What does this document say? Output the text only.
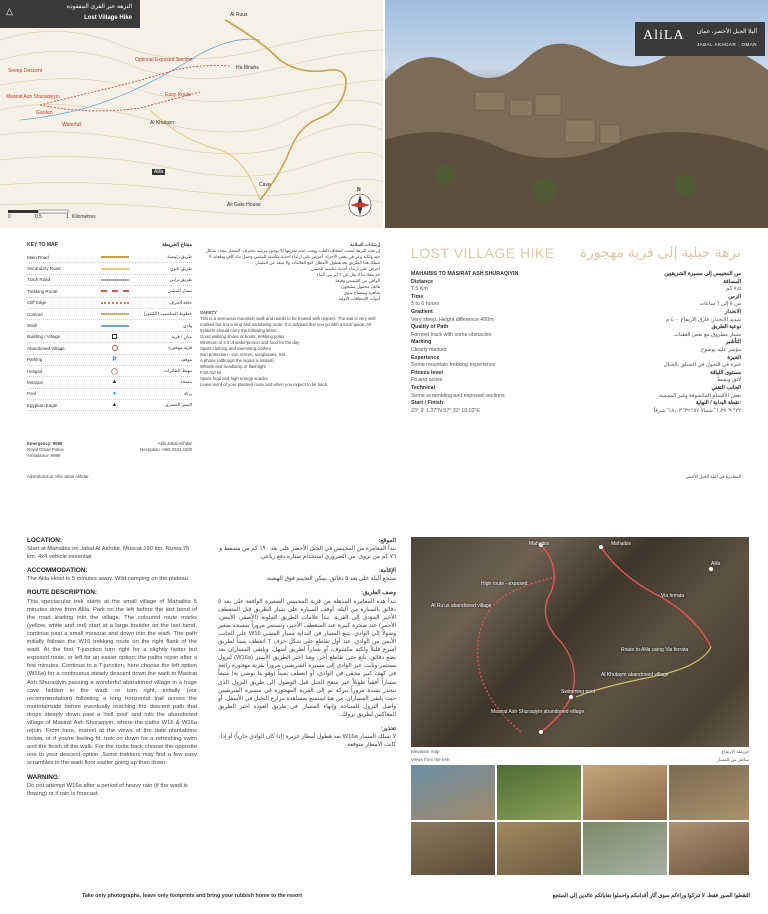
النزهة عبر القرى المفقودة
Lost Village Hike
△	Al Ruus
Optional Exposed Section
Seeep Descent	Ha Mnahs
Masirat Ash Shuraqiyyin	Easy Route
Garden
Al Khutayn
Waterfall
Alila
Cave
Ali Gate House
0	0.5	1 Kilometres
N
AliLA أليلا الجبل الأخضر، عمان
JABAL AKHDAR . OMAN
KEY TO MAP	مفتاح الخريطة
Main Road	طريق رئيسية
Secondary Road	طريق ثانوي
Track Road	طريق ترابي
Trekking Route	مسار المشي
Cliff Edge	حافة الجرف
Contour	خطوط المناسيب (الكنتور)
Wadi	وادي
Building / Village	مبانٍ / قرية
Abandoned Village	قرية مهجورة
Parking	P	موقف
Helipad	◯	مهبط الطائرات
Mosque	▲	مسجد
Pool	●	بركة
Egyptian Eagle	▲	النسر المصري
Emergency: 9999
Royal Oman Police
Ambulance: 9999
Alila Jabal Akhdar
Reception +968 2534 4200
إرشادات السلامة
إن هذه النزهة ليست لضعاف القلب ويجب عدم تجربتها إلا بوجود مرشد محترف. المسار محدد بشكل جيد ولكنه وعر في بعض الأجزاء. احرص على ارتداء أحذية مناسبة للمشي وحمل ماء كافٍ وطعام. لا تسلك هذا الطريق بعد هطول الأمطار. اتبع العلامات ولا تبتعد عن المسار.
احرص على ارتداء أحذية مناسبة للمشي
خذ معك ما لا يقل عن ٢ لتر من الماء
الواقي من الشمس وقبعة
هاتف محمول مشحون
صافرة ومصباح يدوي
أدوات الإسعافات الأولية
SAFETY
This is a strenuous mountain walk and needs to be treated with respect. The trail is very well marked but it is a long and undulating route. It is advised that you go with a local guide. All trekkers should carry the following items:
Good walking shoes or boots, trekking poles
Minimum of 2 lt of water/person and food for the day
Spare clothing and swimming clothes
Sun protection - sun screen, sunglasses, hat
A phone (although the signal is limited)
Whistle and headlamp or flashlight
First Aid kit
Spare food and high energy snacks
Leave word of your planned route and when you expect to be back
LOST VILLAGE HIKE نزهة جبلية إلى قرية مهجورة
MAHAIBIS TO MASIRAT ASH SHURAQIYIN
Distance
7.5 Km
Time
5 to 6 hours
Gradient
Very steep. Height difference 400m
Quality of Path
Formed track with some obstacles
Marking
Clearly marked
Experience
Some mountain trekking experience
Fitness level
Fit and active
Technical
Some scrambling and exposed sections
Start / Finish:
23° 9' 1.37"N 57° 32' 18.03"E
من المحيبس إلى مسيرة الشريقيين
المسافة
٧٫٥ كم
الزمن
من ٥ إلى ٦ ساعات
الانحدار
شديد الانحدار. فارق الارتفاع ٤٠٠ م
نوعية الطريق
مسار مطروق مع بعض العقبات
التأشير
مؤشر عليه بوضوح
الخبرة
خبرة في التجول في التسلق بالجبال
مستوى اللياقة
لائق ونشط
الجانب التقني
بعض الأقسام المكشوفة وغير المحمية
نقطة البداية / النهاية:
٢٣° ٩' ١٫٣٧" شمالاً ٥٧° ٣٢' ١٨٫٠٣" شرقاً
Adventures at Alila Jabal Akhdar	المغامرة في أليلة الجبل الأخضر
LOCATION:
Start at Mahaibis on Jabal Al Akhdar. Muscat 190 km. Nizwa 76 km. 4x4 vehicle essential
ACCOMMODATION:
The Alila Hotel is 5 minutes away. Wild camping on the plateau
ROUTE DESCRIPTION:
This spectacular trek starts at the small village of Mahaibis 5 minutes drive from Alila. Park on the left before the last bend of the road leading into the village. The coloured route marks (yellow, white and red) start at a large boulder on the last bend, continue past a small mosque and down into the wadi. The path initially follows the W16 trekking route on the right flank of the wadi. At the first T-junction turn right for a slightly faster but exposed route, or left for an easier option; the paths rejoin after a few minutes. Continue to a T-junction, here choose the left option (W16a) for a continuous steady descent down the wadi to Masirat Ash Shuraqiyin passing a wonderful abandoned village in a huge cave hidden in the wadi, or turn right, initially (our recommendation) following a long horizontal trail across the mountainside before eventually reaching the descent path that drops steeply down past a 'hell pool' and into the abandoned village of Masirat Ash Shuraqiyin, where the paths W16 & W16a rejoin. From here, marvel at the views of the date plantations below, or if you're feeling fit, trek on down for a refreshing swim and the finish of the walk. For the route back choose the opposite one to your descent option. Some trekkers may find a few easy scrambles in the wadi floor easier going up than down.
WARNING:
Do not attempt W16a after a period of heavy rain (if the wadi is flowing) or if rain is forecast.
الموقع:
تبدأ المغامرة من المحيبس في الجبل الأخضر على بعد ١٩٠ كم من مسقط و ٧٦ كم من نزوى. من الضروري استخدام سيارة دفع رباعي.
الإقامة:
منتجع أليلة على بعد ٥ دقائق. يمكن التخييم فوق الهضبة.
وصف الطريق:
تبدأ هذه المغامرة المذهلة من قرية المحيبس الصغيرة الواقعة على بعد ٥ دقائق بالسيارة من أليلة. أوقف السيارة على يسار الطريق قبل المنعطف الأخير المؤدي إلى القرية. تبدأ علامات الطريق الملونة (الأصفر، الأبيض، الأحمر) عند صخرة كبيرة عند المنعطف الأخير، وتستمر مروراً بمسجد صغير وصولاً إلى الوادي. يتبع المسار في البداية مسار المشي W16 على الجانب الأيمن من الوادي. عند أول تقاطع على شكل حرف T انعطف يميناً لطريق أسرع قليلاً ولكنه مكشوف، أو يساراً لطريق أسهل، ويلتقي المساران بعد بضع دقائق. تابع حتى تقاطع آخر، وهنا اختر الطريق الأيسر (W16a) لنزول مستمر وثابت عبر الوادي إلى مسيرة الشريقيين مروراً بقرية مهجورة رائعة في كهف كبير مخفي في الوادي، أو انعطف يميناً (وهو ما نوصي به) متبعاً مساراً أفقياً طويلاً عبر سفح الجبل قبل الوصول إلى طريق النزول الذي ينحدر بشدة مروراً ببركة ثم إلى القرية المهجورة في مسيرة الشريقيين حيث يلتقي المساران. من هنا استمتع بمشاهدة مزارع النخيل في الأسفل، أو واصل النزول للسباحة وإنهاء المسار. في طريق العودة اختر الطريق المعاكس لطريق نزولك.
تحذير:
لا تسلك المسار W16a بعد هطول أمطار غزيرة (إذا كان الوادي جارياً) أو إذا كانت الأمطار متوقعة.
Mahaibis	Mahaibis
High route - exposed
Al Ru'us abandoned village
Via ferrata
Alila
Route to Alila using Via ferrata
Al Khutaym abandoned village
Swimming pool
Masirat Ash Shuraqiyin abandoned village
Elevation map	خريطة الارتفاع
Views from the trek	مناظر من المسار
Take only photographs, leave only footprints and bring your rubbish home to the resort	التقطوا الصور فقط، لا تتركوا وراءكم سوى آثار أقدامكم واحملوا نفاياتكم عائدين إلى المنتجع
